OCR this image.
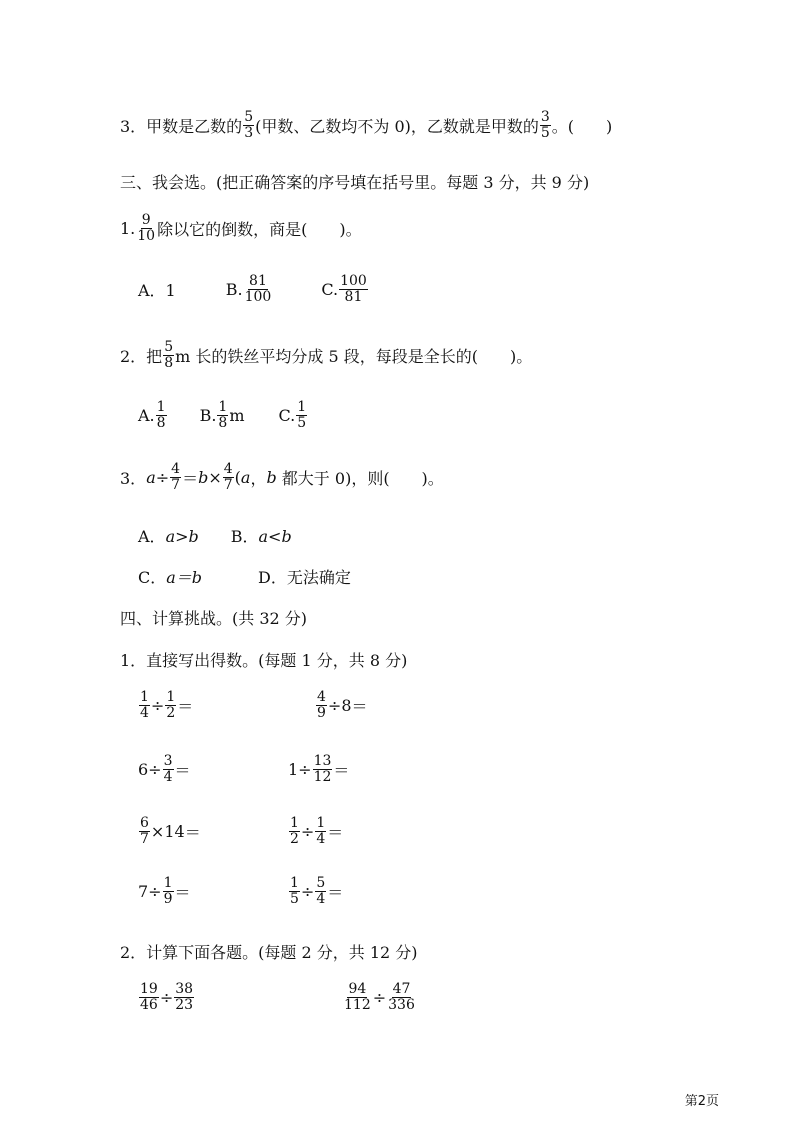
3．甲数是乙数的 $\frac{5}{3}$ (甲数、乙数均不为 0)，乙数就是甲数的 $\frac{3}{5}$ 。(　　)
三、我会选。(把正确答案的序号填在括号里。每题 3 分，共 9 分)
1. $\frac{9}{10}$ 除以它的倒数，商是(　　)。
A．1	B. $\frac{81}{100}$	C. $\frac{100}{81}$
2．把 $\frac{5}{8}$ m 长的铁丝平均分成 5 段，每段是全长的(　　)。
A. $\frac{1}{8} B$. $\frac{1}{8}$ m C. $\frac{1}{5}$
3． $a \div \frac{4}{7} = b \times \frac{4}{7}$ ( a ， b 都大于 0)，则(　　)。
A．a>b B．a<b
C．a＝b	D．无法确定
四、计算挑战。(共 32 分)
1．直接写出得数。(每题 1 分，共 8 分)
$\frac{1}{4} \div \frac{1}{2}$ ＝	$\frac{4}{9} \div 8$ ＝
$6\div \frac{3}{4}$ ＝	$1\div \frac{13}{12}$ ＝
$\frac{6}{7} \times 14$ ＝	$\frac{1}{2} \div \frac{1}{4}$ ＝
$7\div \frac{1}{9}$ ＝	$\frac{1}{5} \div \frac{5}{4}$ ＝
2．计算下面各题。(每题 2 分，共 12 分)
$\frac{19}{46} \div \frac{38}{23}$	$\frac{94}{112} \div \frac{47}{336}$
第2页
